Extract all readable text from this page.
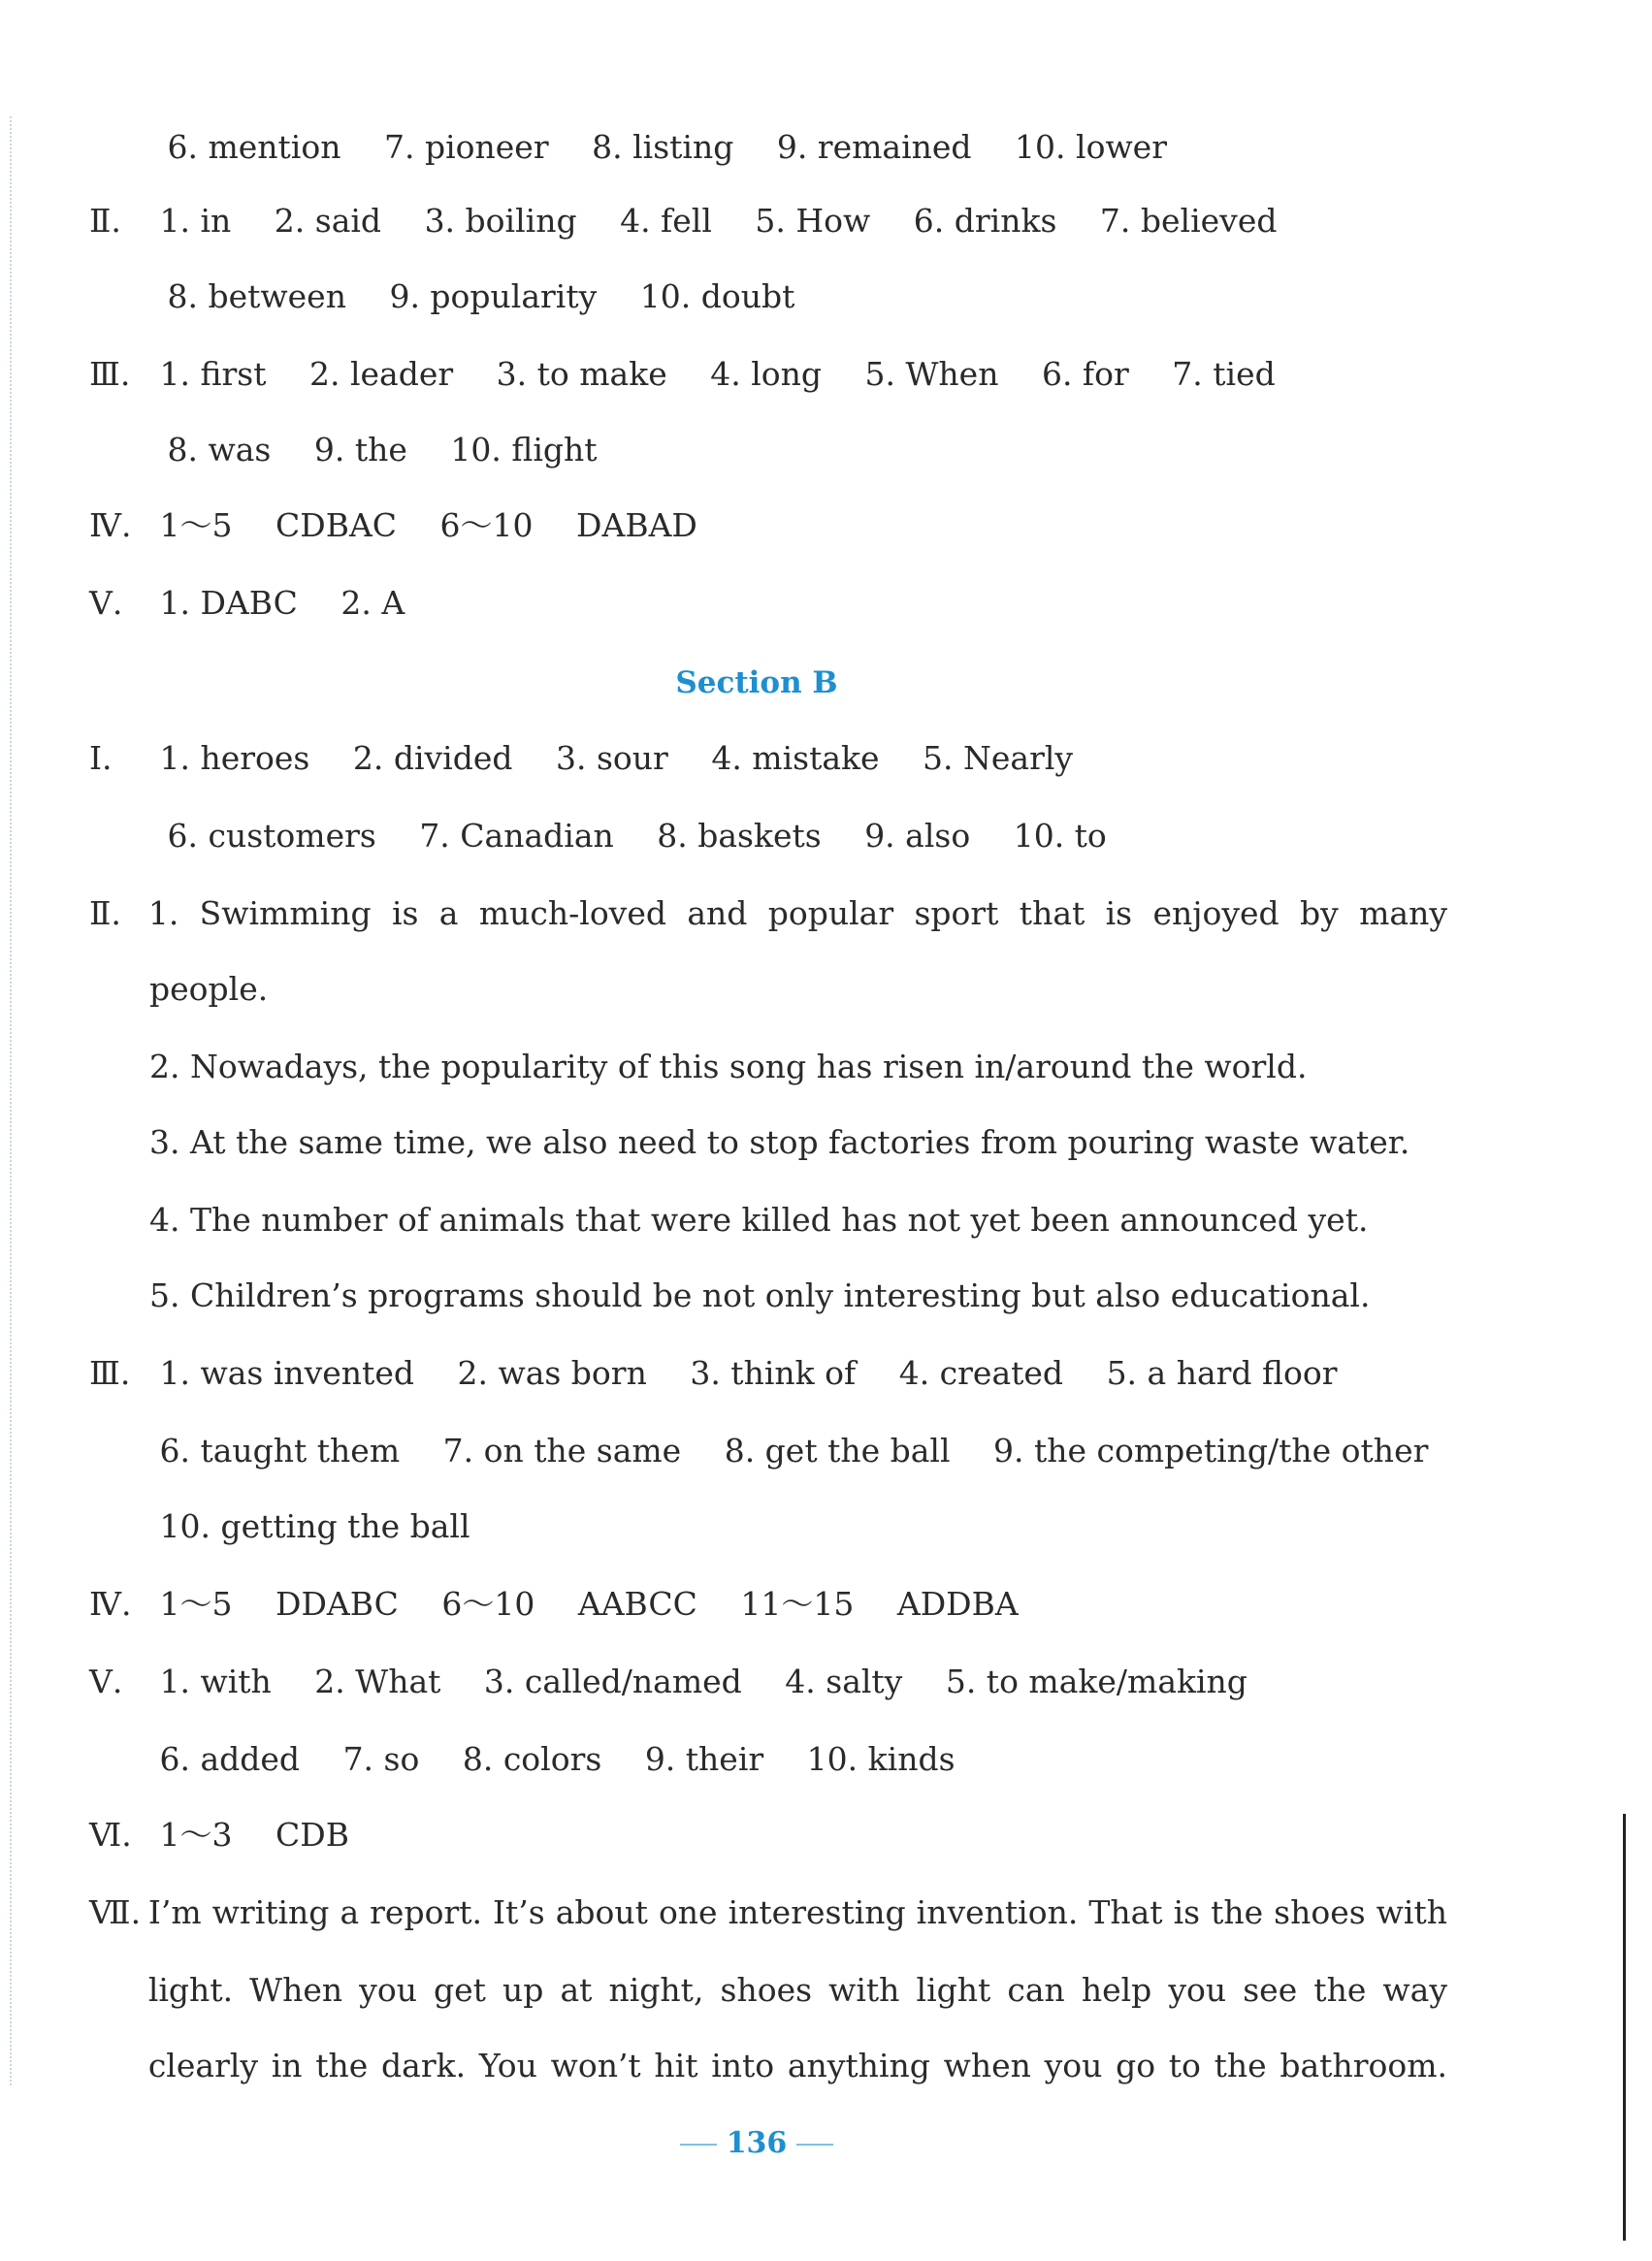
6. mention 7. pioneer 8. listing 9. remained 10. lower
Ⅱ. 1. in 2. said 3. boiling 4. fell 5. How 6. drinks 7. believed
8. between 9. popularity 10. doubt
Ⅲ. 1. first 2. leader 3. to make 4. long 5. When 6. for 7. tied
8. was 9. the 10. flight
Ⅳ. 1～5 CDBAC 6～10 DABAD
Ⅴ. 1. DABC 2. A
Section B
Ⅰ. 1. heroes 2. divided 3. sour 4. mistake 5. Nearly
6. customers 7. Canadian 8. baskets 9. also 10. to
Ⅱ. 1. Swimming is a much-loved and popular sport that is enjoyed by many
people.
2. Nowadays, the popularity of this song has risen in/around the world.
3. At the same time, we also need to stop factories from pouring waste water.
4. The number of animals that were killed has not yet been announced yet.
5. Children’s programs should be not only interesting but also educational.
Ⅲ. 1. was invented 2. was born 3. think of 4. created 5. a hard floor
6. taught them 7. on the same 8. get the ball 9. the competing/the other
10. getting the ball
Ⅳ. 1～5 DDABC 6～10 AABCC 11～15 ADDBA
Ⅴ. 1. with 2. What 3. called/named 4. salty 5. to make/making
6. added 7. so 8. colors 9. their 10. kinds
Ⅵ. 1～3 CDB
Ⅶ. I’m writing a report. It’s about one interesting invention. That is the shoes with
light. When you get up at night, shoes with light can help you see the way
clearly in the dark. You won’t hit into anything when you go to the bathroom.
136
